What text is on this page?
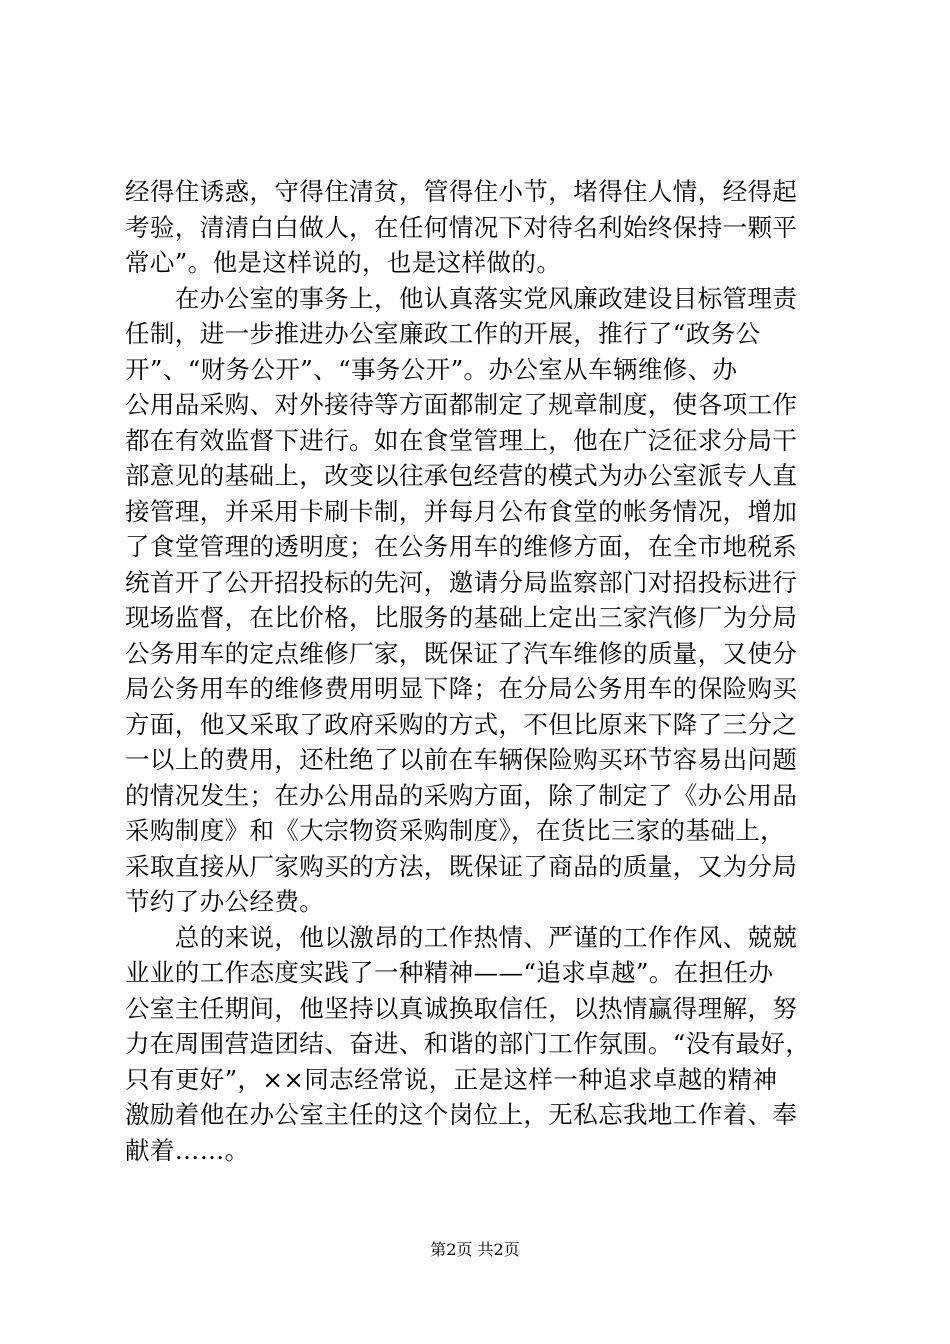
经得住诱惑，守得住清贫，管得住小节，堵得住人情，经得起
考验，清清白白做人，在任何情况下对待名利始终保持一颗平
常心”。他是这样说的，也是这样做的。
　　在办公室的事务上，他认真落实党风廉政建设目标管理责
任制，进一步推进办公室廉政工作的开展，推行了“政务公
开”、“财务公开”、“事务公开”。办公室从车辆维修、办
公用品采购、对外接待等方面都制定了规章制度，使各项工作
都在有效监督下进行。如在食堂管理上，他在广泛征求分局干
部意见的基础上，改变以往承包经营的模式为办公室派专人直
接管理，并采用卡刷卡制，并每月公布食堂的帐务情况，增加
了食堂管理的透明度；在公务用车的维修方面，在全市地税系
统首开了公开招投标的先河，邀请分局监察部门对招投标进行
现场监督，在比价格，比服务的基础上定出三家汽修厂为分局
公务用车的定点维修厂家，既保证了汽车维修的质量，又使分
局公务用车的维修费用明显下降；在分局公务用车的保险购买
方面，他又采取了政府采购的方式，不但比原来下降了三分之
一以上的费用，还杜绝了以前在车辆保险购买环节容易出问题
的情况发生；在办公用品的采购方面，除了制定了《办公用品
采购制度》和《大宗物资采购制度》，在货比三家的基础上，
采取直接从厂家购买的方法，既保证了商品的质量，又为分局
节约了办公经费。
　　总的来说，他以激昂的工作热情、严谨的工作作风、兢兢
业业的工作态度实践了一种精神——“追求卓越”。在担任办
公室主任期间，他坚持以真诚换取信任，以热情赢得理解，努
力在周围营造团结、奋进、和谐的部门工作氛围。“没有最好，
只有更好”，××同志经常说，正是这样一种追求卓越的精神
激励着他在办公室主任的这个岗位上，无私忘我地工作着、奉
献着……。
第2页 共2页
